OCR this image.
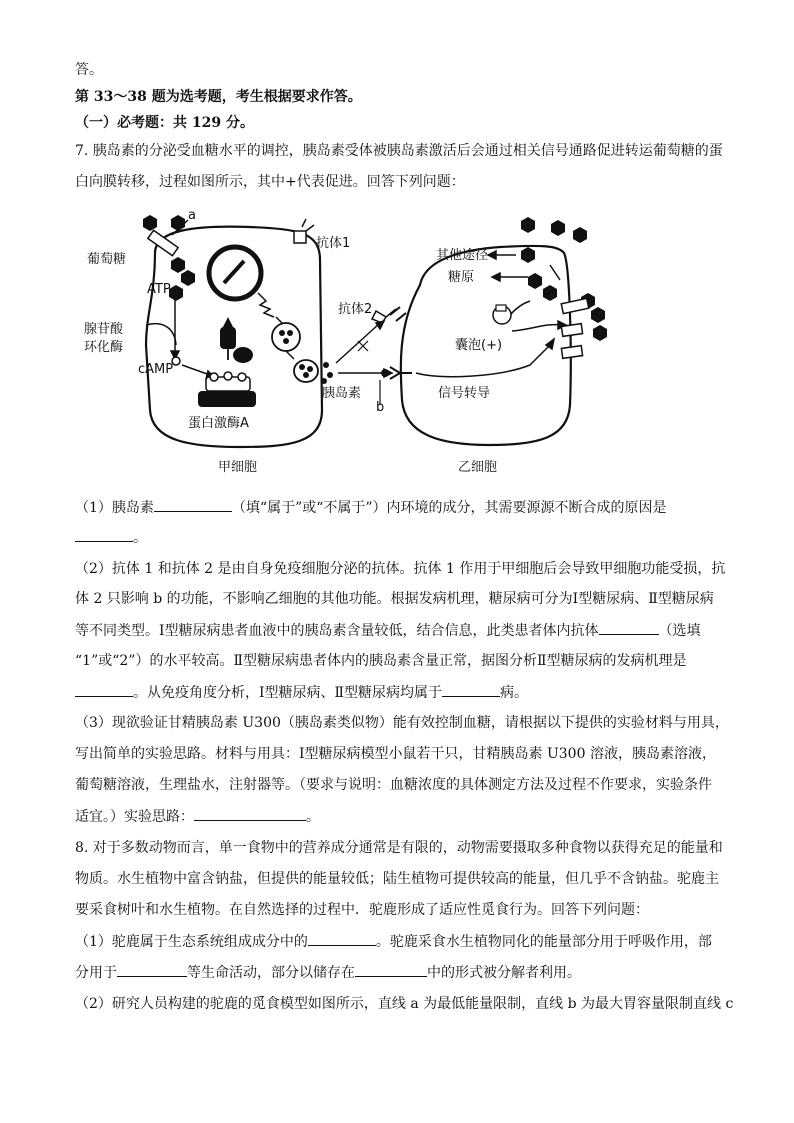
答。
第 33～38 题为选考题，考生根据要求作答。
（一）必考题：共 129 分。
7. 胰岛素的分泌受血糖水平的调控，胰岛素受体被胰岛素激活后会通过相关信号通路促进转运葡萄糖的蛋
白向膜转移，过程如图所示，其中+代表促进。回答下列问题：
葡萄糖
a
ATP
腺苷酸
环化酶
cAMP
蛋白激酶A
抗体1
抗体2
胰岛素
b
甲细胞
其他途径
糖原
囊泡(+)
信号转导
乙细胞
（1）胰岛素	（填“属于”或“不属于”）内环境的成分，其需要源源不断合成的原因是
。
（2）抗体 1 和抗体 2 是由自身免疫细胞分泌的抗体。抗体 1 作用于甲细胞后会导致甲细胞功能受损，抗
体 2 只影响 b 的功能，不影响乙细胞的其他功能。根据发病机理，糖尿病可分为Ⅰ型糖尿病、Ⅱ型糖尿病
等不同类型。Ⅰ型糖尿病患者血液中的胰岛素含量较低，结合信息，此类患者体内抗体	（选填
“1”或“2”）的水平较高。Ⅱ型糖尿病患者体内的胰岛素含量正常，据图分析Ⅱ型糖尿病的发病机理是
。从免疫角度分析，Ⅰ型糖尿病、Ⅱ型糖尿病均属于	病。
（3）现欲验证甘精胰岛素 U300（胰岛素类似物）能有效控制血糖，请根据以下提供的实验材料与用具，
写出简单的实验思路。材料与用具：Ⅰ型糖尿病模型小鼠若干只，甘精胰岛素 U300 溶液，胰岛素溶液，
葡萄糖溶液，生理盐水，注射器等。（要求与说明：血糖浓度的具体测定方法及过程不作要求，实验条件
适宜。）实验思路：	。
8. 对于多数动物而言，单一食物中的营养成分通常是有限的，动物需要摄取多种食物以获得充足的能量和
物质。水生植物中富含钠盐，但提供的能量较低；陆生植物可提供较高的能量，但几乎不含钠盐。驼鹿主
要采食树叶和水生植物。在自然选择的过程中．驼鹿形成了适应性觅食行为。回答下列问题：
（1）驼鹿属于生态系统组成成分中的	。驼鹿采食水生植物同化的能量部分用于呼吸作用，部
分用于	等生命活动，部分以储存在	中的形式被分解者利用。
（2）研究人员构建的驼鹿的觅食模型如图所示，直线 a 为最低能量限制，直线 b 为最大胃容量限制直线 c
